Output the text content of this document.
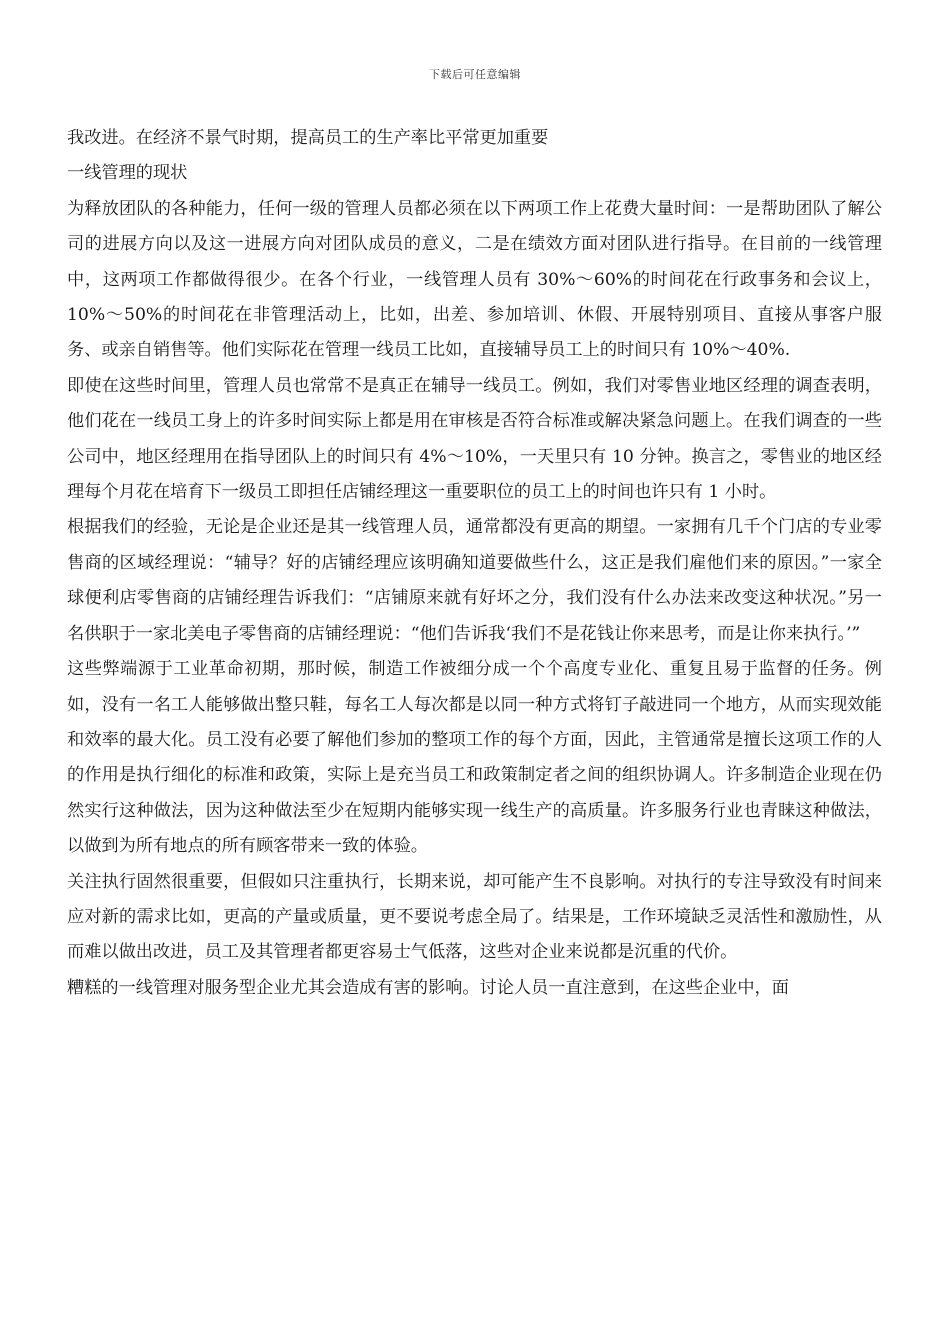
下载后可任意编辑

我改进。在经济不景气时期，提高员工的生产率比平常更加重要

一线管理的现状

为释放团队的各种能力，任何一级的管理人员都必须在以下两项工作上花费大量时间：一是帮助团队了解公司的进展方向以及这一进展方向对团队成员的意义，二是在绩效方面对团队进行指导。在目前的一线管理中，这两项工作都做得很少。在各个行业，一线管理人员有 30%～60%的时间花在行政事务和会议上，10%～50%的时间花在非管理活动上，比如，出差、参加培训、休假、开展特别项目、直接从事客户服务、或亲自销售等。他们实际花在管理一线员工比如，直接辅导员工上的时间只有 10%～40%.

即使在这些时间里，管理人员也常常不是真正在辅导一线员工。例如，我们对零售业地区经理的调查表明，他们花在一线员工身上的许多时间实际上都是用在审核是否符合标准或解决紧急问题上。在我们调查的一些公司中，地区经理用在指导团队上的时间只有 4%～10%，一天里只有 10 分钟。换言之，零售业的地区经理每个月花在培育下一级员工即担任店铺经理这一重要职位的员工上的时间也许只有 1 小时。

根据我们的经验，无论是企业还是其一线管理人员，通常都没有更高的期望。一家拥有几千个门店的专业零售商的区域经理说：“辅导？好的店铺经理应该明确知道要做些什么，这正是我们雇他们来的原因。”一家全球便利店零售商的店铺经理告诉我们：“店铺原来就有好坏之分，我们没有什么办法来改变这种状况。”另一名供职于一家北美电子零售商的店铺经理说：“他们告诉我‘我们不是花钱让你来思考，而是让你来执行。’”

这些弊端源于工业革命初期，那时候，制造工作被细分成一个个高度专业化、重复且易于监督的任务。例如，没有一名工人能够做出整只鞋，每名工人每次都是以同一种方式将钉子敲进同一个地方，从而实现效能和效率的最大化。员工没有必要了解他们参加的整项工作的每个方面，因此，主管通常是擅长这项工作的人的作用是执行细化的标准和政策，实际上是充当员工和政策制定者之间的组织协调人。许多制造企业现在仍然实行这种做法，因为这种做法至少在短期内能够实现一线生产的高质量。许多服务行业也青睐这种做法，以做到为所有地点的所有顾客带来一致的体验。

关注执行固然很重要，但假如只注重执行，长期来说，却可能产生不良影响。对执行的专注导致没有时间来应对新的需求比如，更高的产量或质量，更不要说考虑全局了。结果是，工作环境缺乏灵活性和激励性，从而难以做出改进，员工及其管理者都更容易士气低落，这些对企业来说都是沉重的代价。

糟糕的一线管理对服务型企业尤其会造成有害的影响。讨论人员一直注意到，在这些企业中，面
